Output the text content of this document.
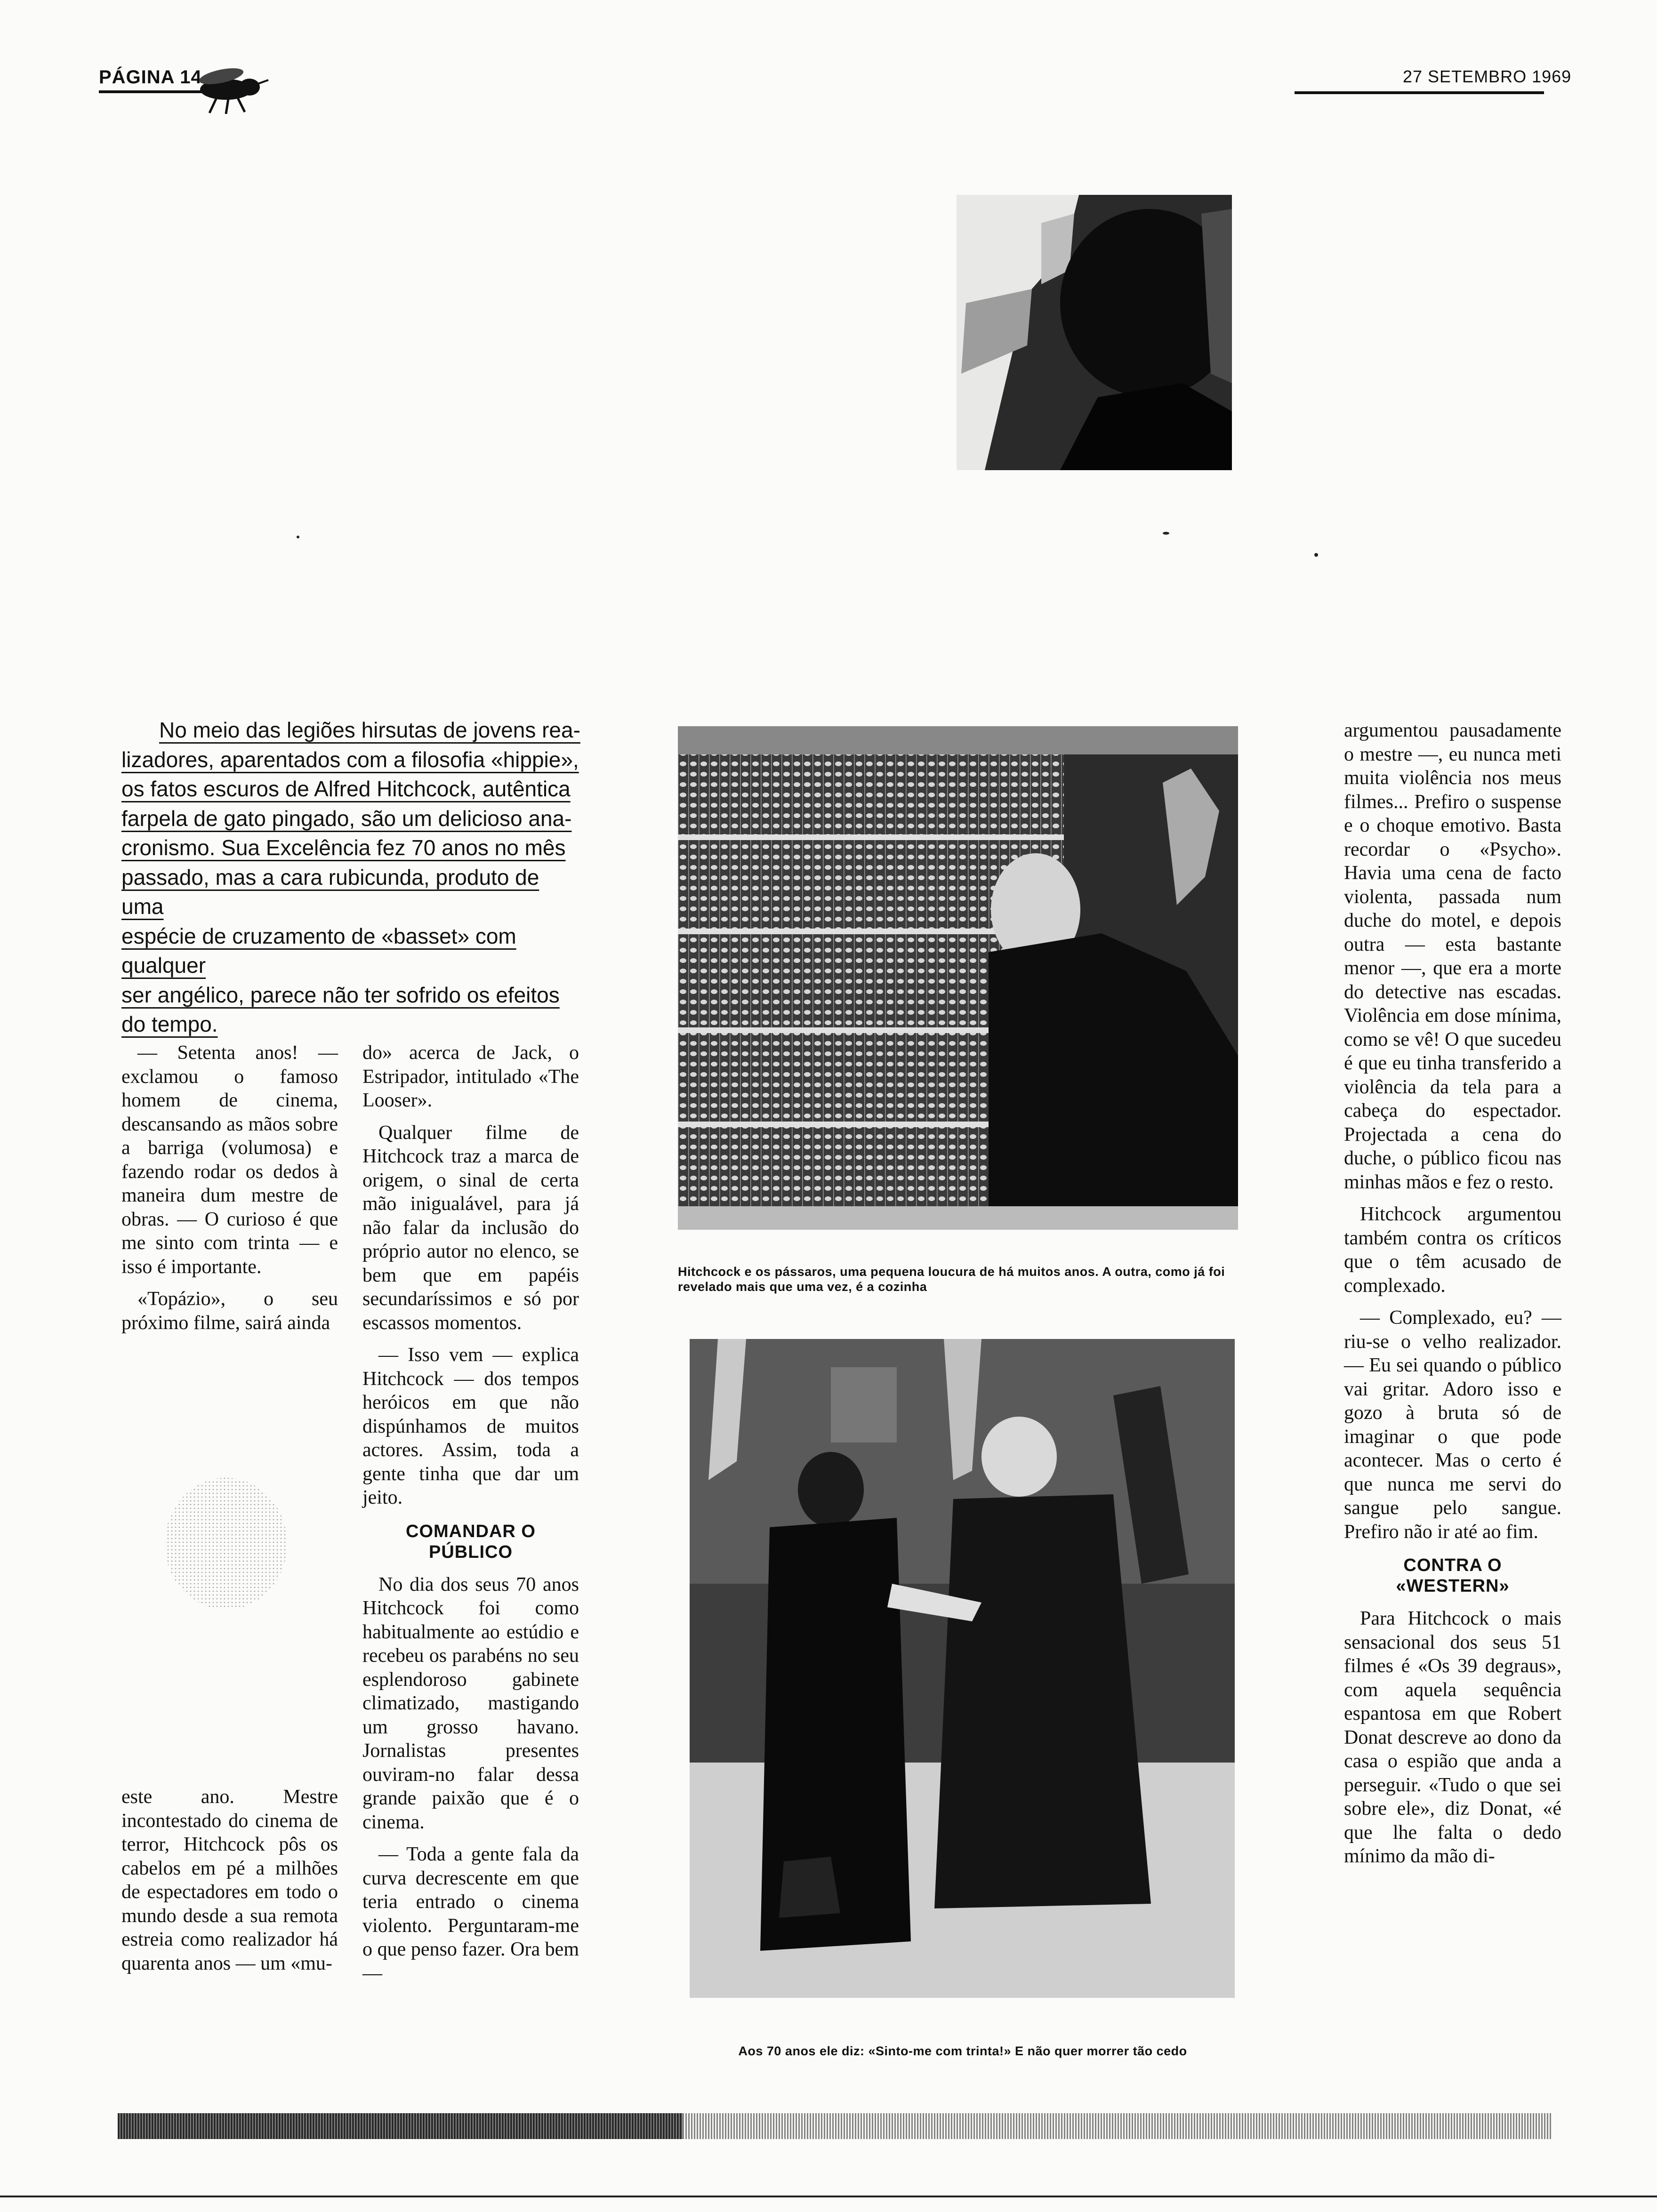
PÁGINA 14	27 SETEMBRO 1969
No meio das legiões hirsutas de jovens rea-
lizadores, aparentados com a filosofia «hippie»,
os fatos escuros de Alfred Hitchcock, autêntica
farpela de gato pingado, são um delicioso ana-
cronismo. Sua Excelência fez 70 anos no mês
passado, mas a cara rubicunda, produto de uma
espécie de cruzamento de «basset» com qualquer
ser angélico, parece não ter sofrido os efeitos
do tempo.

— Setenta anos! — exclamou o famoso homem de cinema, descansando as mãos sobre a barriga (volumosa) e fazendo rodar os dedos à maneira dum mestre de obras. — O curioso é que me sinto com trinta — e isso é importante.

«Topázio», o seu próximo filme, sairá ainda

este ano. Mestre incontestado do cinema de terror, Hitchcock pôs os cabelos em pé a milhões de espectadores em todo o mundo desde a sua remota estreia como realizador há quarenta anos — um «mu-

do» acerca de Jack, o Estripador, intitulado «The Looser».

Qualquer filme de Hitchcock traz a marca de origem, o sinal de certa mão inigualável, para já não falar da inclusão do próprio autor no elenco, se bem que em papéis secundaríssimos e só por escassos momentos.

— Isso vem — explica Hitchcock — dos tempos heróicos em que não dispúnhamos de muitos actores. Assim, toda a gente tinha que dar um jeito.

COMANDAR O PÚBLICO

No dia dos seus 70 anos Hitchcock foi como habitualmente ao estúdio e recebeu os parabéns no seu esplendoroso gabinete climatizado, mastigando um grosso havano. Jornalistas presentes ouviram-no falar dessa grande paixão que é o cinema.

— Toda a gente fala da curva decrescente em que teria entrado o cinema violento. Perguntaram-me o que penso fazer. Ora bem —

Hitchcock e os pássaros, uma pequena loucura de há muitos anos. A outra, como já foi revelado mais que uma vez, é a cozinha
Aos 70 anos ele diz: «Sinto-me com trinta!» E não quer morrer tão cedo

argumentou pausadamente o mestre —, eu nunca meti muita violência nos meus filmes... Prefiro o suspense e o choque emotivo. Basta recordar o «Psycho». Havia uma cena de facto violenta, passada num duche do motel, e depois outra — esta bastante menor —, que era a morte do detective nas escadas. Violência em dose mínima, como se vê! O que sucedeu é que eu tinha transferido a violência da tela para a cabeça do espectador. Projectada a cena do duche, o público ficou nas minhas mãos e fez o resto.

Hitchcock argumentou também contra os críticos que o têm acusado de complexado.

— Complexado, eu? — riu-se o velho realizador. — Eu sei quando o público vai gritar. Adoro isso e gozo à bruta só de imaginar o que pode acontecer. Mas o certo é que nunca me servi do sangue pelo sangue. Prefiro não ir até ao fim.

CONTRA O «WESTERN»

Para Hitchcock o mais sensacional dos seus 51 filmes é «Os 39 degraus», com aquela sequência espantosa em que Robert Donat descreve ao dono da casa o espião que anda a perseguir. «Tudo o que sei sobre ele», diz Donat, «é que lhe falta o dedo mínimo da mão di-
